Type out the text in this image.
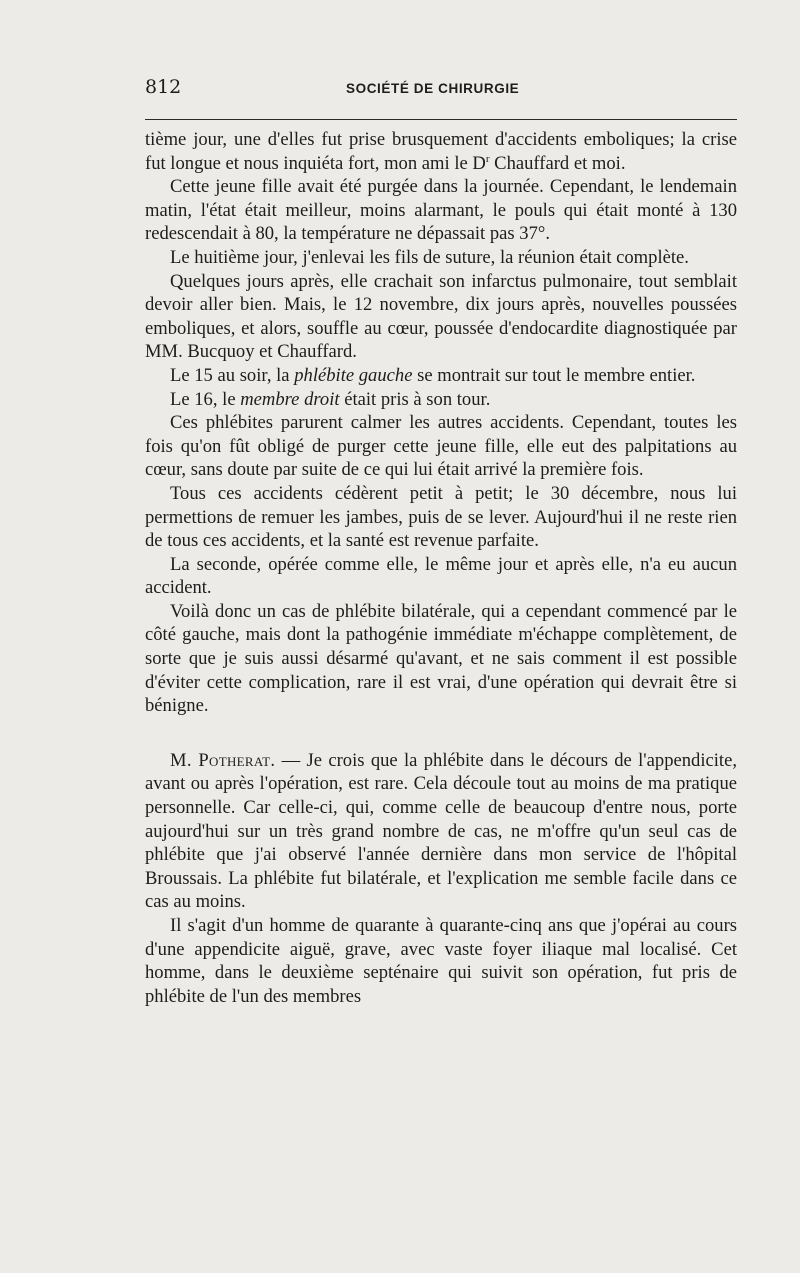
812	SOCIÉTÉ DE CHIRURGIE

tième jour, une d'elles fut prise brusquement d'accidents emboliques; la crise fut longue et nous inquiéta fort, mon ami le $D^r$ Chauffard et moi.

Cette jeune fille avait été purgée dans la journée. Cependant, le lendemain matin, l'état était meilleur, moins alarmant, le pouls qui était monté à 130 redescendait à 80, la température ne dépassait pas 37°.

Le huitième jour, j'enlevai les fils de suture, la réunion était complète.

Quelques jours après, elle crachait son infarctus pulmonaire, tout semblait devoir aller bien. Mais, le 12 novembre, dix jours après, nouvelles poussées emboliques, et alors, souffle au cœur, poussée d'endocardite diagnostiquée par MM. Bucquoy et Chauffard.

Le 15 au soir, la phlébite gauche se montrait sur tout le membre entier.

Le 16, le membre droit était pris à son tour.

Ces phlébites parurent calmer les autres accidents. Cependant, toutes les fois qu'on fût obligé de purger cette jeune fille, elle eut des palpitations au cœur, sans doute par suite de ce qui lui était arrivé la première fois.

Tous ces accidents cédèrent petit à petit; le 30 décembre, nous lui permettions de remuer les jambes, puis de se lever. Aujourd'hui il ne reste rien de tous ces accidents, et la santé est revenue parfaite.

La seconde, opérée comme elle, le même jour et après elle, n'a eu aucun accident.

Voilà donc un cas de phlébite bilatérale, qui a cependant commencé par le côté gauche, mais dont la pathogénie immédiate m'échappe complètement, de sorte que je suis aussi désarmé qu'avant, et ne sais comment il est possible d'éviter cette complication, rare il est vrai, d'une opération qui devrait être si bénigne.

M. Potherat. — Je crois que la phlébite dans le décours de l'appendicite, avant ou après l'opération, est rare. Cela découle tout au moins de ma pratique personnelle. Car celle-ci, qui, comme celle de beaucoup d'entre nous, porte aujourd'hui sur un très grand nombre de cas, ne m'offre qu'un seul cas de phlébite que j'ai observé l'année dernière dans mon service de l'hôpital Broussais. La phlébite fut bilatérale, et l'explication me semble facile dans ce cas au moins.

Il s'agit d'un homme de quarante à quarante-cinq ans que j'opérai au cours d'une appendicite aiguë, grave, avec vaste foyer iliaque mal localisé. Cet homme, dans le deuxième septénaire qui suivit son opération, fut pris de phlébite de l'un des membres
